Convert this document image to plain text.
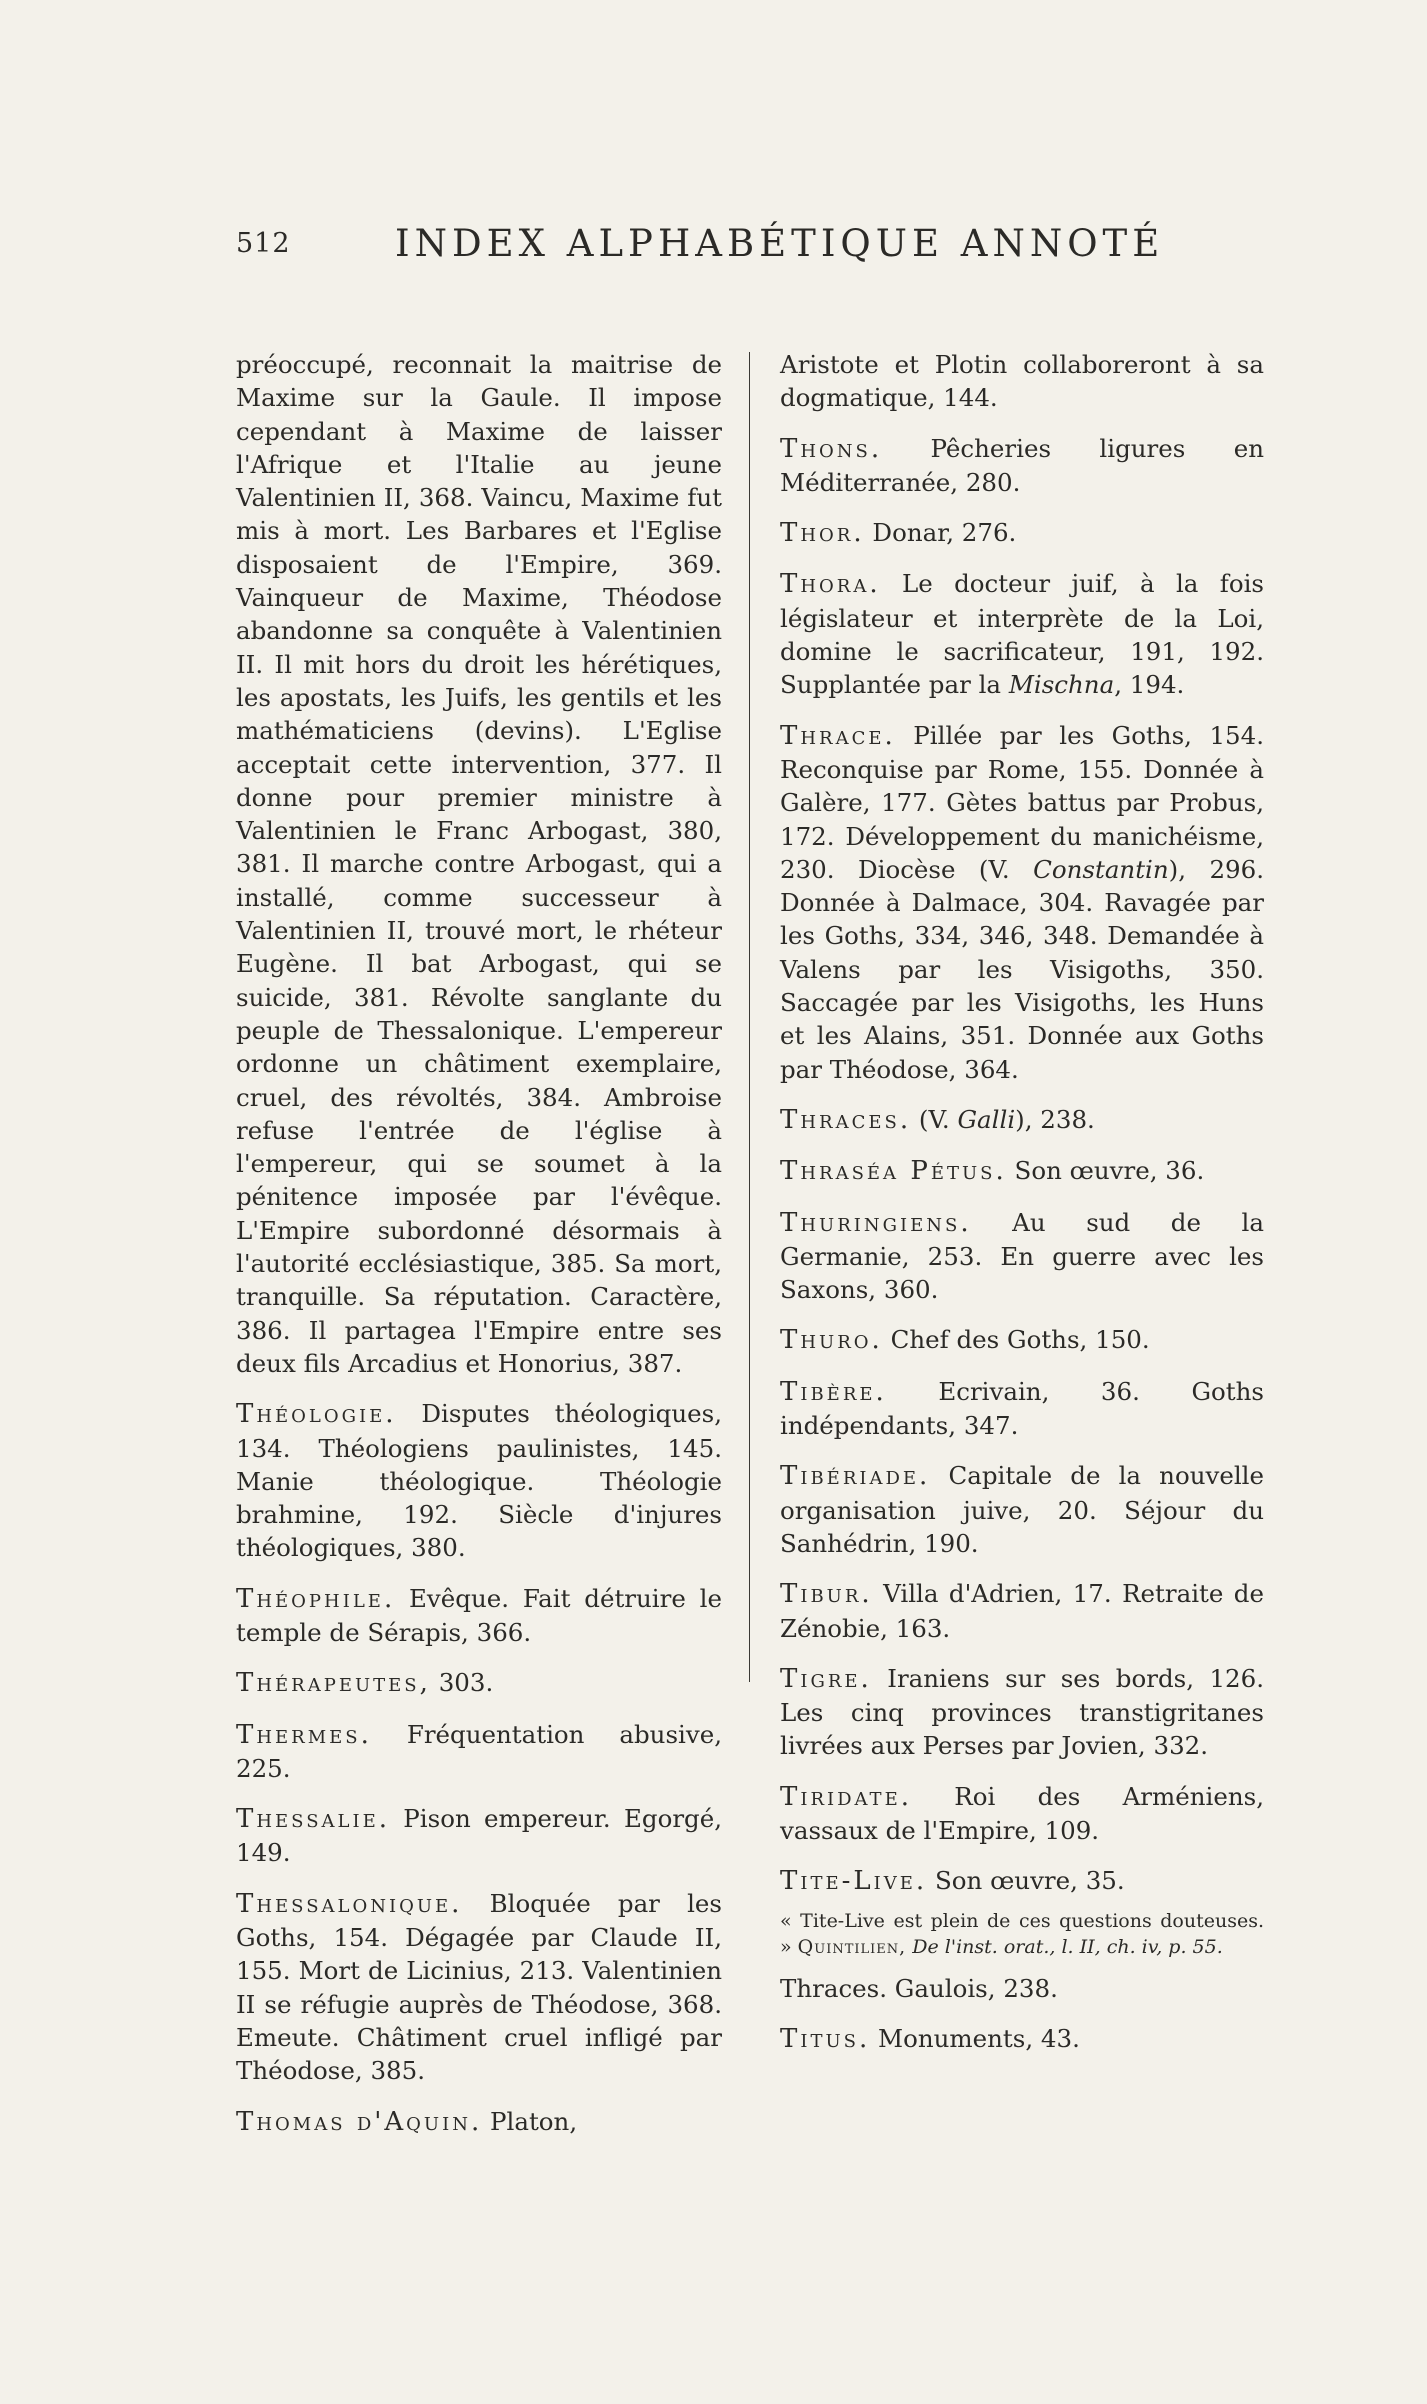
512	INDEX ALPHABÉTIQUE ANNOTÉ

préoccupé, reconnait la maitrise de Maxime sur la Gaule. Il impose cependant à Maxime de laisser l'Afrique et l'Italie au jeune Valentinien II, 368. Vaincu, Maxime fut mis à mort. Les Barbares et l'Eglise disposaient de l'Empire, 369. Vainqueur de Maxime, Théodose abandonne sa conquête à Valentinien II. Il mit hors du droit les hérétiques, les apostats, les Juifs, les gentils et les mathématiciens (devins). L'Eglise acceptait cette intervention, 377. Il donne pour premier ministre à Valentinien le Franc Arbogast, 380, 381. Il marche contre Arbogast, qui a installé, comme successeur à Valentinien II, trouvé mort, le rhéteur Eugène. Il bat Arbogast, qui se suicide, 381. Révolte sanglante du peuple de Thessalonique. L'empereur ordonne un châtiment exemplaire, cruel, des révoltés, 384. Ambroise refuse l'entrée de l'église à l'empereur, qui se soumet à la pénitence imposée par l'évêque. L'Empire subordonné désormais à l'autorité ecclésiastique, 385. Sa mort, tranquille. Sa réputation. Caractère, 386. Il partagea l'Empire entre ses deux fils Arcadius et Honorius, 387.

Théologie. Disputes théologiques, 134. Théologiens paulinistes, 145. Manie théologique. Théologie brahmine, 192. Siècle d'injures théologiques, 380.

Théophile. Evêque. Fait détruire le temple de Sérapis, 366.

Thérapeutes, 303.

Thermes. Fréquentation abusive, 225.

Thessalie. Pison empereur. Egorgé, 149.

Thessalonique. Bloquée par les Goths, 154. Dégagée par Claude II, 155. Mort de Licinius, 213. Valentinien II se réfugie auprès de Théodose, 368. Emeute. Châtiment cruel infligé par Théodose, 385.

Thomas d'Aquin. Platon,

Aristote et Plotin collaboreront à sa dogmatique, 144.

Thons. Pêcheries ligures en Méditerranée, 280.

Thor. Donar, 276.

Thora. Le docteur juif, à la fois législateur et interprète de la Loi, domine le sacrificateur, 191, 192. Supplantée par la Mischna, 194.

Thrace. Pillée par les Goths, 154. Reconquise par Rome, 155. Donnée à Galère, 177. Gètes battus par Probus, 172. Développement du manichéisme, 230. Diocèse (V. Constantin), 296. Donnée à Dalmace, 304. Ravagée par les Goths, 334, 346, 348. Demandée à Valens par les Visigoths, 350. Saccagée par les Visigoths, les Huns et les Alains, 351. Donnée aux Goths par Théodose, 364.

Thraces. (V. Galli), 238.

Thraséa Pétus. Son œuvre, 36.

Thuringiens. Au sud de la Germanie, 253. En guerre avec les Saxons, 360.

Thuro. Chef des Goths, 150.

Tibère. Ecrivain, 36. Goths indépendants, 347.

Tibériade. Capitale de la nouvelle organisation juive, 20. Séjour du Sanhédrin, 190.

Tibur. Villa d'Adrien, 17. Retraite de Zénobie, 163.

Tigre. Iraniens sur ses bords, 126. Les cinq provinces transtigritanes livrées aux Perses par Jovien, 332.

Tiridate. Roi des Arméniens, vassaux de l'Empire, 109.

Tite-Live. Son œuvre, 35.

« Tite-Live est plein de ces questions douteuses. » Quintilien, De l'inst. orat., l. II, ch. iv, p. 55.

Thraces. Gaulois, 238.

Titus. Monuments, 43.
